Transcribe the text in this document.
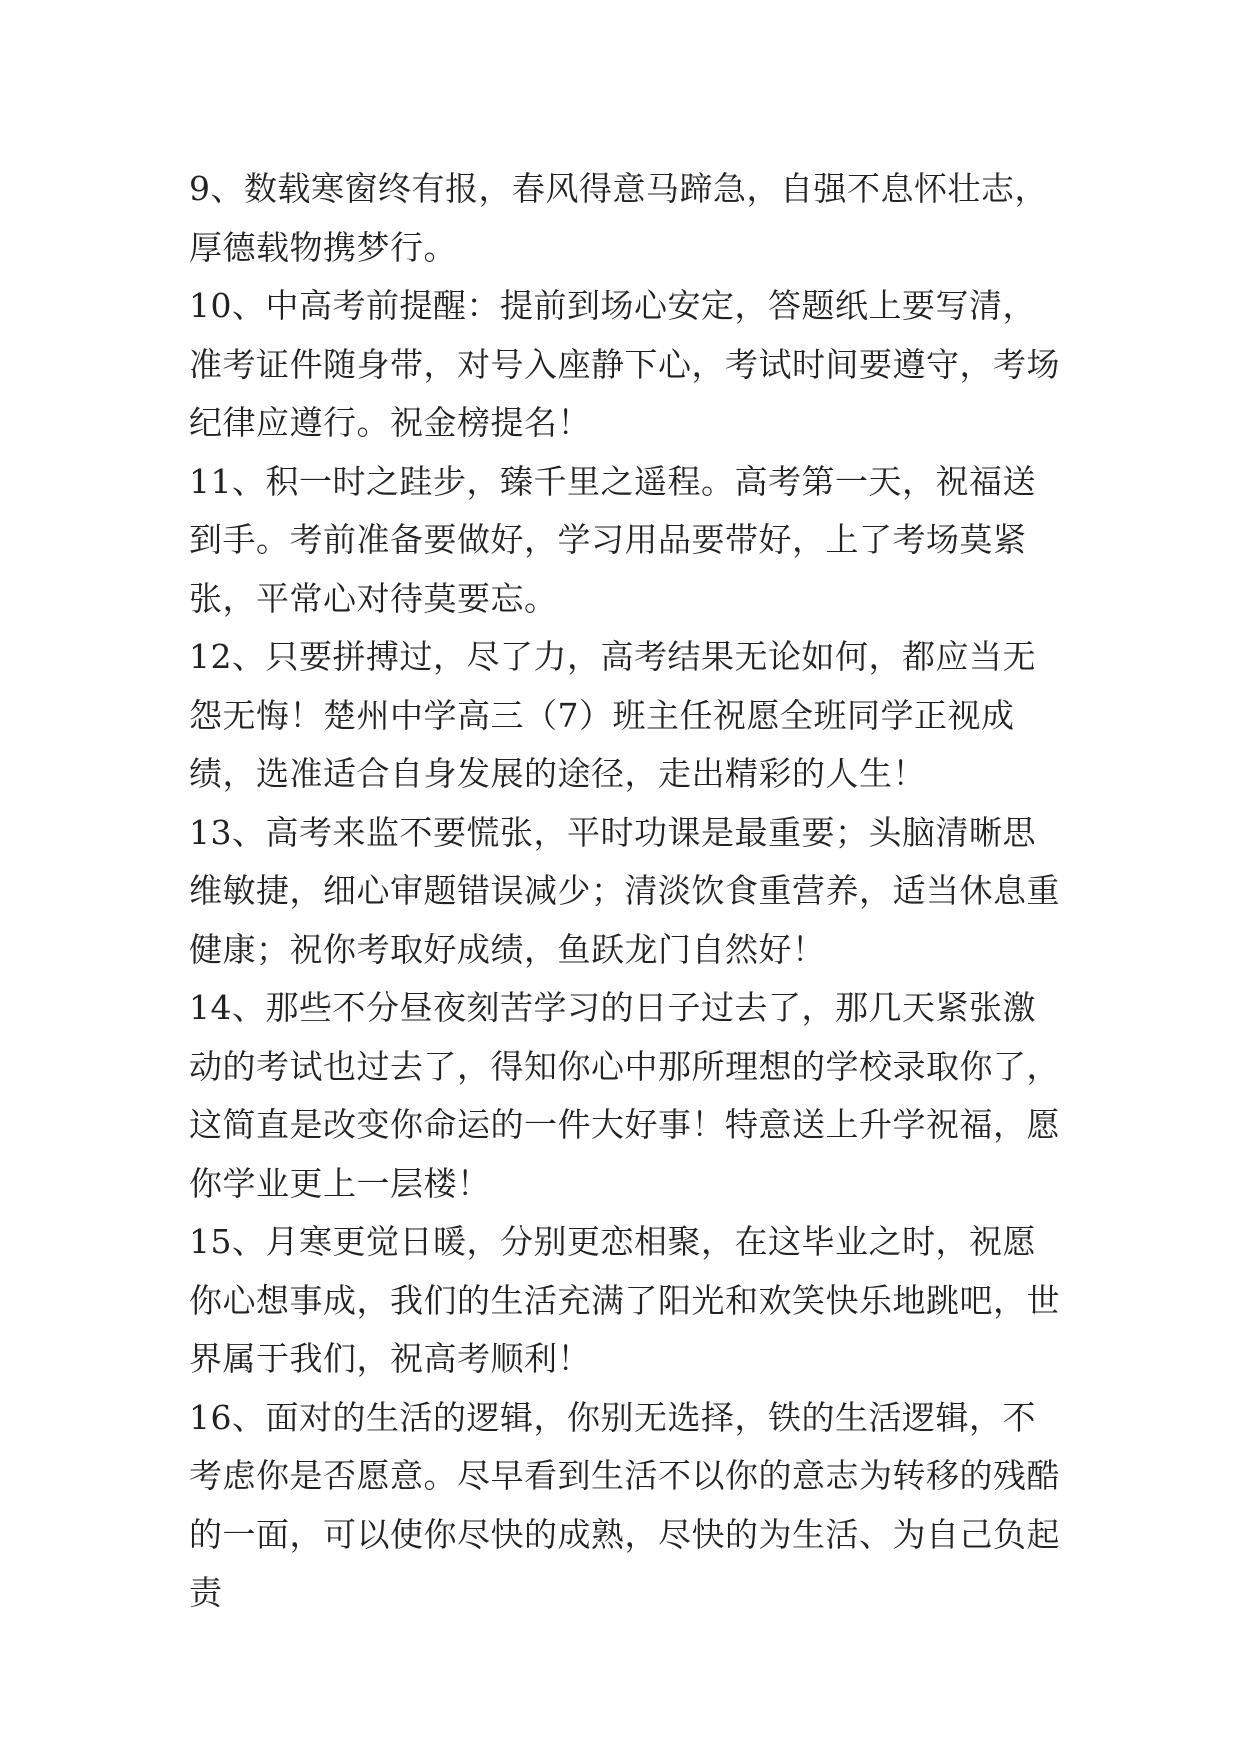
9、数载寒窗终有报，春风得意马蹄急，自强不息怀壮志，厚德载物携梦行。

10、中高考前提醒：提前到场心安定，答题纸上要写清，准考证件随身带，对号入座静下心，考试时间要遵守，考场纪律应遵行。祝金榜提名！

11、积一时之跬步，臻千里之遥程。高考第一天，祝福送到手。考前准备要做好，学习用品要带好，上了考场莫紧张，平常心对待莫要忘。

12、只要拼搏过，尽了力，高考结果无论如何，都应当无怨无悔！楚州中学高三（7）班主任祝愿全班同学正视成绩，选准适合自身发展的途径，走出精彩的人生！

13、高考来监不要慌张，平时功课是最重要；头脑清晰思维敏捷，细心审题错误减少；清淡饮食重营养，适当休息重健康；祝你考取好成绩，鱼跃龙门自然好！

14、那些不分昼夜刻苦学习的日子过去了，那几天紧张激动的考试也过去了，得知你心中那所理想的学校录取你了，这简直是改变你命运的一件大好事！特意送上升学祝福，愿你学业更上一层楼！

15、月寒更觉日暖，分别更恋相聚，在这毕业之时，祝愿你心想事成，我们的生活充满了阳光和欢笑快乐地跳吧，世界属于我们，祝高考顺利！

16、面对的生活的逻辑，你别无选择，铁的生活逻辑，不考虑你是否愿意。尽早看到生活不以你的意志为转移的残酷的一面，可以使你尽快的成熟，尽快的为生活、为自己负起责
